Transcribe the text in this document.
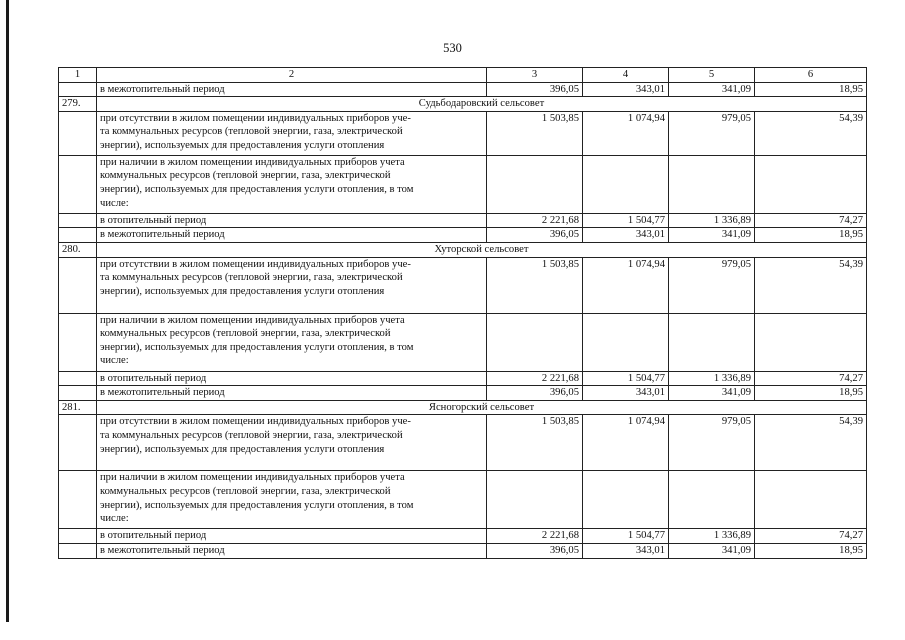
530
1	2	3	4	5	6
	в межотопительный период	396,05	343,01	341,09	18,95
279.	Судьбодаровский сельсовет				
	при отсутствии в жилом помещении индивидуальных приборов уче-
та коммунальных ресурсов (тепловой энергии, газа, электрической
энергии), используемых для предоставления услуги отопления	1 503,85	1 074,94	979,05	54,39
	при наличии в жилом помещении индивидуальных приборов учета
коммунальных ресурсов (тепловой энергии, газа, электрической
энергии), используемых для предоставления услуги отопления, в том
числе:				
	в отопительный период	2 221,68	1 504,77	1 336,89	74,27
	в межотопительный период	396,05	343,01	341,09	18,95
280.	Хуторской сельсовет				
	при отсутствии в жилом помещении индивидуальных приборов уче-
та коммунальных ресурсов (тепловой энергии, газа, электрической
энергии), используемых для предоставления услуги отопления	1 503,85	1 074,94	979,05	54,39
	при наличии в жилом помещении индивидуальных приборов учета
коммунальных ресурсов (тепловой энергии, газа, электрической
энергии), используемых для предоставления услуги отопления, в том
числе:				
	в отопительный период	2 221,68	1 504,77	1 336,89	74,27
	в межотопительный период	396,05	343,01	341,09	18,95
281.	Ясногорский сельсовет				
	при отсутствии в жилом помещении индивидуальных приборов уче-
та коммунальных ресурсов (тепловой энергии, газа, электрической
энергии), используемых для предоставления услуги отопления	1 503,85	1 074,94	979,05	54,39
	при наличии в жилом помещении индивидуальных приборов учета
коммунальных ресурсов (тепловой энергии, газа, электрической
энергии), используемых для предоставления услуги отопления, в том
числе:				
	в отопительный период	2 221,68	1 504,77	1 336,89	74,27
	в межотопительный период	396,05	343,01	341,09	18,95
